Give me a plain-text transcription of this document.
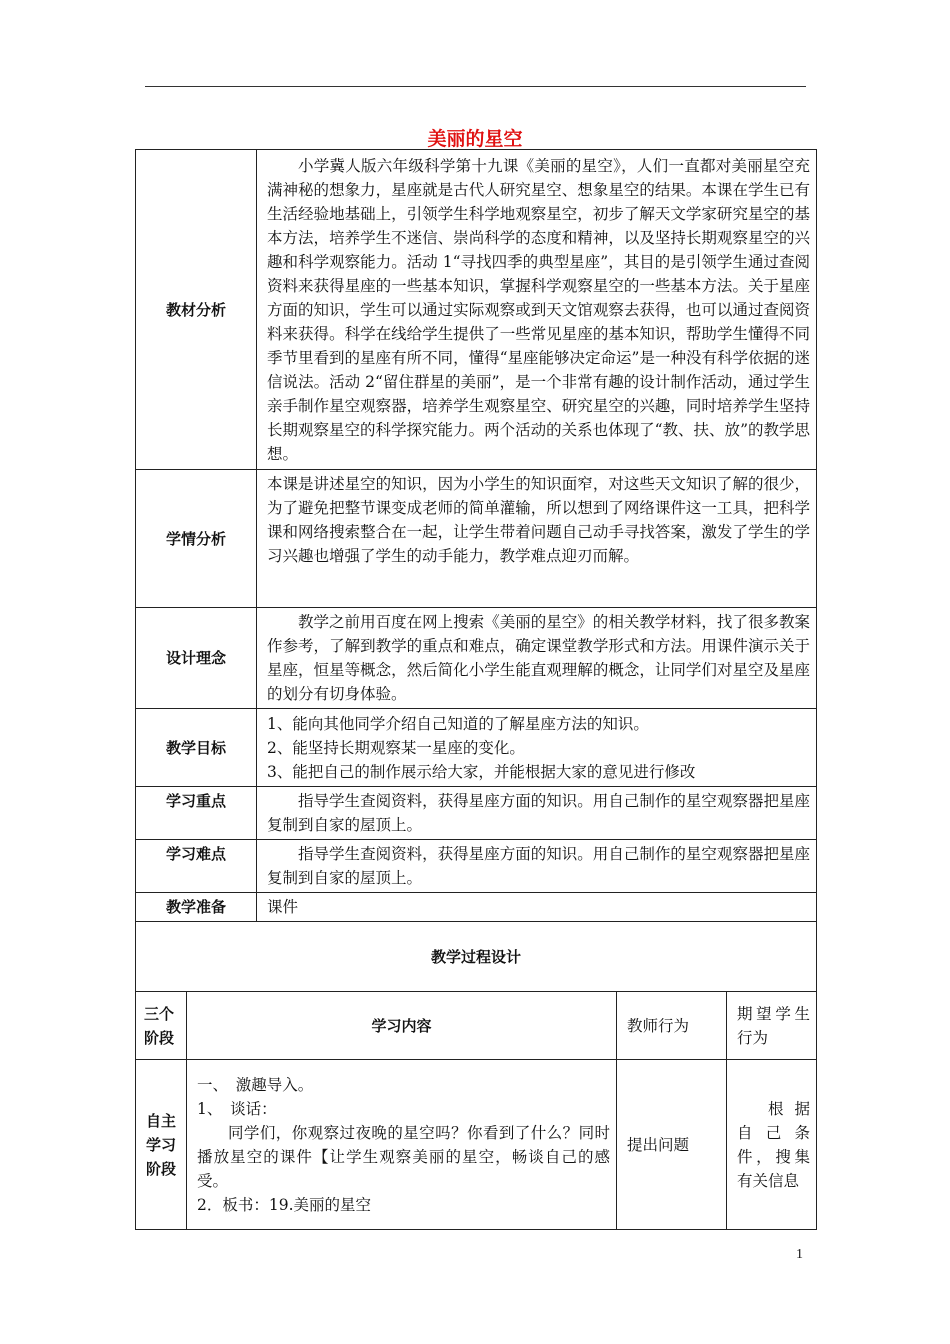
美丽的星空
教材分析		小学冀人版六年级科学第十九课《美丽的星空》，人们一直都对美丽星空充满神秘的想象力，星座就是古代人研究星空、想象星空的结果。本课在学生已有生活经验地基础上，引领学生科学地观察星空，初步了解天文学家研究星空的基本方法，培养学生不迷信、崇尚科学的态度和精神，以及坚持长期观察星空的兴趣和科学观察能力。活动 1“寻找四季的典型星座”，其目的是引领学生通过查阅资料来获得星座的一些基本知识，掌握科学观察星空的一些基本方法。关于星座方面的知识，学生可以通过实际观察或到天文馆观察去获得，也可以通过查阅资料来获得。科学在线给学生提供了一些常见星座的基本知识，帮助学生懂得不同季节里看到的星座有所不同，懂得“星座能够决定命运”是一种没有科学依据的迷信说法。活动 2“留住群星的美丽”，是一个非常有趣的设计制作活动，通过学生亲手制作星空观察器，培养学生观察星空、研究星空的兴趣，同时培养学生坚持长期观察星空的科学探究能力。两个活动的关系也体现了“教、扶、放”的教学思想。		
学情分析		本课是讲述星空的知识，因为小学生的知识面窄，对这些天文知识了解的很少，为了避免把整节课变成老师的简单灌输，所以想到了网络课件这一工具，把科学课和网络搜索整合在一起，让学生带着问题自己动手寻找答案，激发了学生的学习兴趣也增强了学生的动手能力，教学难点迎刃而解。		
设计理念		教学之前用百度在网上搜索《美丽的星空》的相关教学材料，找了很多教案作参考，了解到教学的重点和难点，确定课堂教学形式和方法。用课件演示关于星座，恒星等概念，然后简化小学生能直观理解的概念，让同学们对星空及星座的划分有切身体验。		
教学目标		1、能向其他同学介绍自己知道的了解星座方法的知识。
2、能坚持长期观察某一星座的变化。
3、能把自己的制作展示给大家，并能根据大家的意见进行修改		

学习重点		指导学生查阅资料，获得星座方面的知识。用自己制作的星空观察器把星座复制到自家的屋顶上。		
学习难点		指导学生查阅资料，获得星座方面的知识。用自己制作的星空观察器把星座复制到自家的屋顶上。		
教学准备		课件		
教学过程设计				
三个阶段	学习内容		教师行为	期望学生行为
自主学习阶段	一、　激趣导入。
1、　谈话：
同学们，你观察过夜晚的星空吗？你看到了什么？同时播放星空的课件【让学生观察美丽的星空，畅谈自己的感受。
2．板书：19.美丽的星空		提出问题	根据自己条件，搜集有关信息
1
